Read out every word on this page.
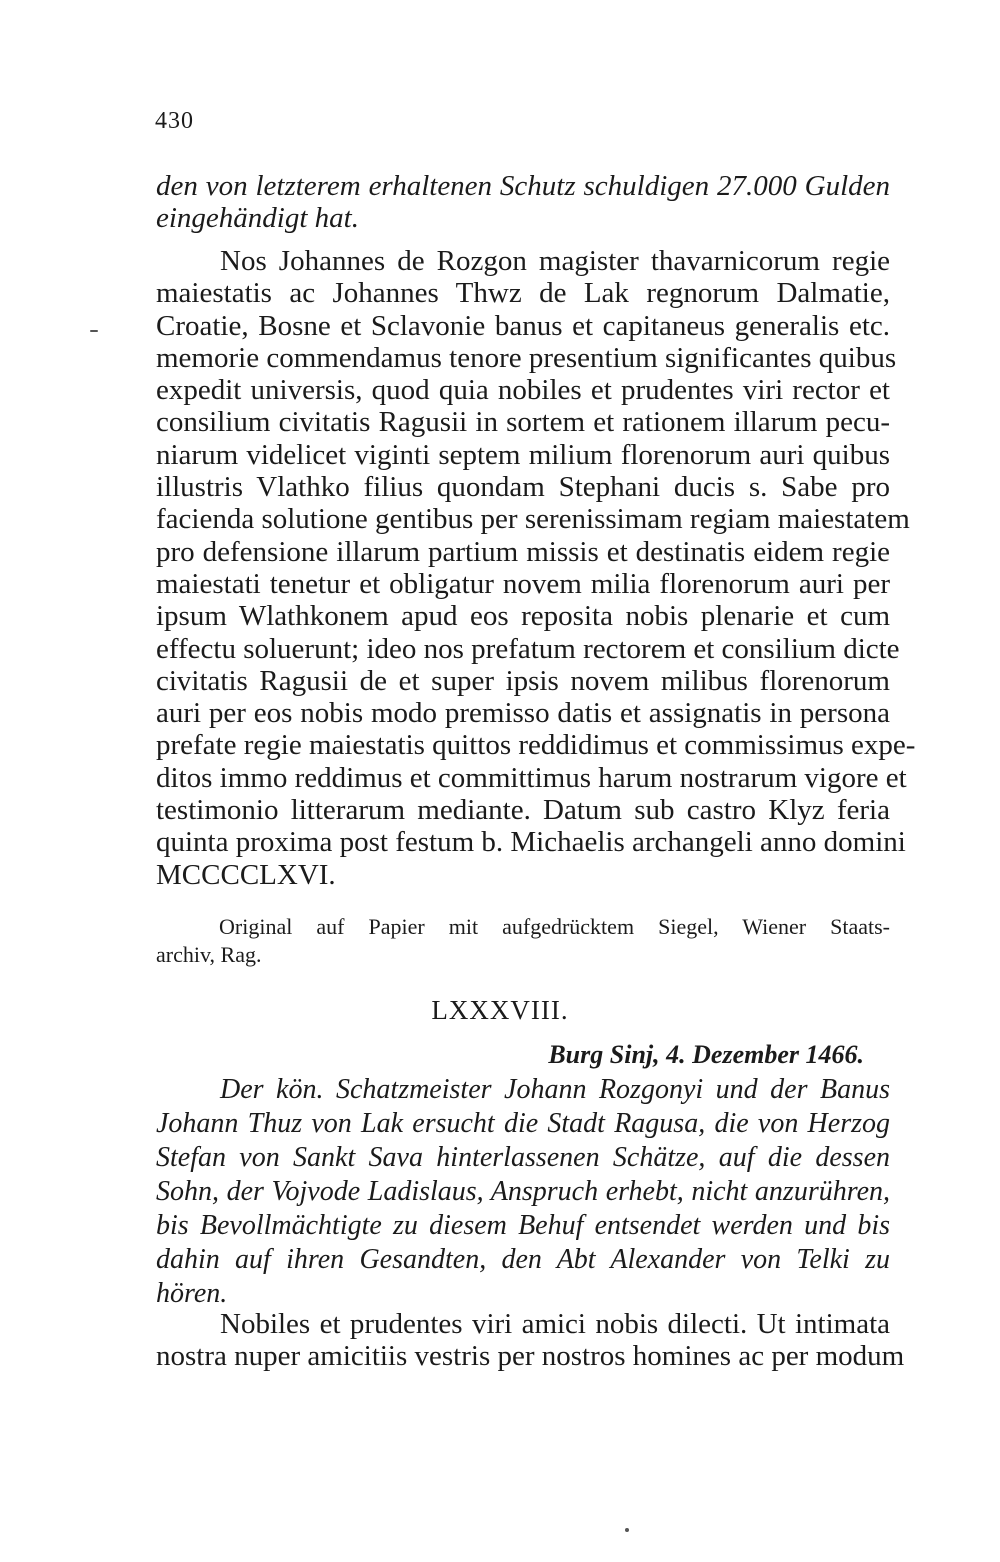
430
den von letzterem erhaltenen Schutz schuldigen 27.000 Gulden
eingehändigt hat.
Nos Johannes de Rozgon magister thavarnicorum regie
maiestatis ac Johannes Thwz de Lak regnorum Dalmatie,
Croatie, Bosne et Sclavonie banus et capitaneus generalis etc.
memorie commendamus tenore presentium significantes quibus
expedit universis, quod quia nobiles et prudentes viri rector et
consilium civitatis Ragusii in sortem et rationem illarum pecu-
niarum videlicet viginti septem milium florenorum auri quibus
illustris Vlathko filius quondam Stephani ducis s. Sabe pro
facienda solutione gentibus per serenissimam regiam maiestatem
pro defensione illarum partium missis et destinatis eidem regie
maiestati tenetur et obligatur novem milia florenorum auri per
ipsum Wlathkonem apud eos reposita nobis plenarie et cum
effectu soluerunt; ideo nos prefatum rectorem et consilium dicte
civitatis Ragusii de et super ipsis novem milibus florenorum
auri per eos nobis modo premisso datis et assignatis in persona
prefate regie maiestatis quittos reddidimus et commissimus expe-
ditos immo reddimus et committimus harum nostrarum vigore et
testimonio litterarum mediante. Datum sub castro Klyz feria
quinta proxima post festum b. Michaelis archangeli anno domini
MCCCCLXVI.
Original auf Papier mit aufgedrücktem Siegel, Wiener Staats-
archiv, Rag.
LXXXVIII.
Burg Sinj, 4. Dezember 1466.
Der kön. Schatzmeister Johann Rozgonyi und der Banus
Johann Thuz von Lak ersucht die Stadt Ragusa, die von Herzog
Stefan von Sankt Sava hinterlassenen Schätze, auf die dessen
Sohn, der Vojvode Ladislaus, Anspruch erhebt, nicht anzurühren,
bis Bevollmächtigte zu diesem Behuf entsendet werden und bis
dahin auf ihren Gesandten, den Abt Alexander von Telki zu
hören.
Nobiles et prudentes viri amici nobis dilecti. Ut intimata
nostra nuper amicitiis vestris per nostros homines ac per modum
